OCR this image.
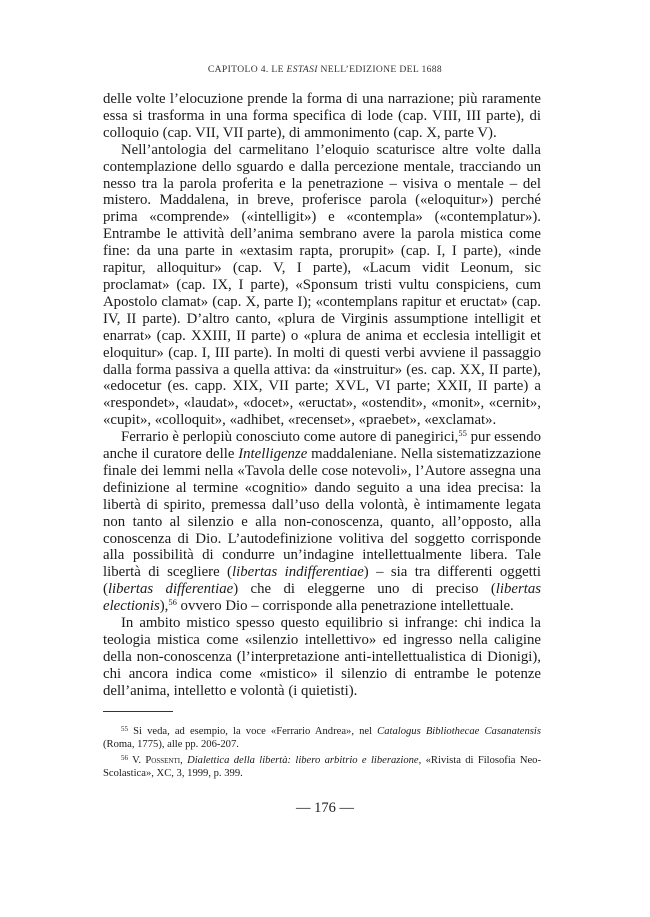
CAPITOLO 4. LE ESTASI NELL’EDIZIONE DEL 1688

delle volte l’elocuzione prende la forma di una narrazione; più raramente essa si trasforma in una forma specifica di lode (cap. VIII, III parte), di colloquio (cap. VII, VII parte), di ammonimento (cap. X, parte V).

Nell’antologia del carmelitano l’eloquio scaturisce altre volte dalla contemplazione dello sguardo e dalla percezione mentale, tracciando un nesso tra la parola proferita e la penetrazione – visiva o mentale – del mistero. Maddalena, in breve, proferisce parola («eloquitur») perché prima «comprende» («intelligit») e «contempla» («contemplatur»). Entrambe le attività dell’anima sembrano avere la parola mistica come fine: da una parte in «extasim rapta, prorupit» (cap. I, I parte), «inde rapitur, alloquitur» (cap. V, I parte), «Lacum vidit Leonum, sic proclamat» (cap. IX, I parte), «Sponsum tristi vultu conspiciens, cum Apostolo clamat» (cap. X, parte I); «contemplans rapitur et eructat» (cap. IV, II parte). D’altro canto, «plura de Virginis assumptione intelligit et enarrat» (cap. XXIII, II parte) o «plura de anima et ecclesia intelligit et eloquitur» (cap. I, III parte). In molti di questi verbi avviene il passaggio dalla forma passiva a quella attiva: da «instruitur» (es. cap. XX, II parte), «edocetur (es. capp. XIX, VII parte; XVL, VI parte; XXII, II parte) a «respondet», «laudat», «docet», «eructat», «ostendit», «monit», «cernit», «cupit», «colloquit», «adhibet, «recenset», «praebet», «exclamat».

Ferrario è perlopiù conosciuto come autore di panegirici,$^{55}$ pur essendo anche il curatore delle Intelligenze maddaleniane. Nella sistematizzazione finale dei lemmi nella «Tavola delle cose notevoli», l’Autore assegna una definizione al termine «cognitio» dando seguito a una idea precisa: la libertà di spirito, premessa dall’uso della volontà, è intimamente legata non tanto al silenzio e alla non-conoscenza, quanto, all’opposto, alla conoscenza di Dio. L’autodefinizione volitiva del soggetto corrisponde alla possibilità di condurre un’indagine intellettualmente libera. Tale libertà di scegliere (libertas indifferentiae) – sia tra differenti oggetti (libertas differentiae) che di eleggerne uno di preciso (libertas electionis),$^{56}$ ovvero Dio – corrisponde alla penetrazione intellettuale.

In ambito mistico spesso questo equilibrio si infrange: chi indica la teologia mistica come «silenzio intellettivo» ed ingresso nella caligine della non-conoscenza (l’interpretazione anti-intellettualistica di Dionigi), chi ancora indica come «mistico» il silenzio di entrambe le potenze dell’anima, intelletto e volontà (i quietisti).

$^{55}$ Si veda, ad esempio, la voce «Ferrario Andrea», nel Catalogus Bibliothecae Casanatensis (Roma, 1775), alle pp. 206-207.

$^{56}$ V. Possenti, Dialettica della libertà: libero arbitrio e liberazione, «Rivista di Filosofia Neo-Scolastica», XC, 3, 1999, p. 399.

— 176 —
